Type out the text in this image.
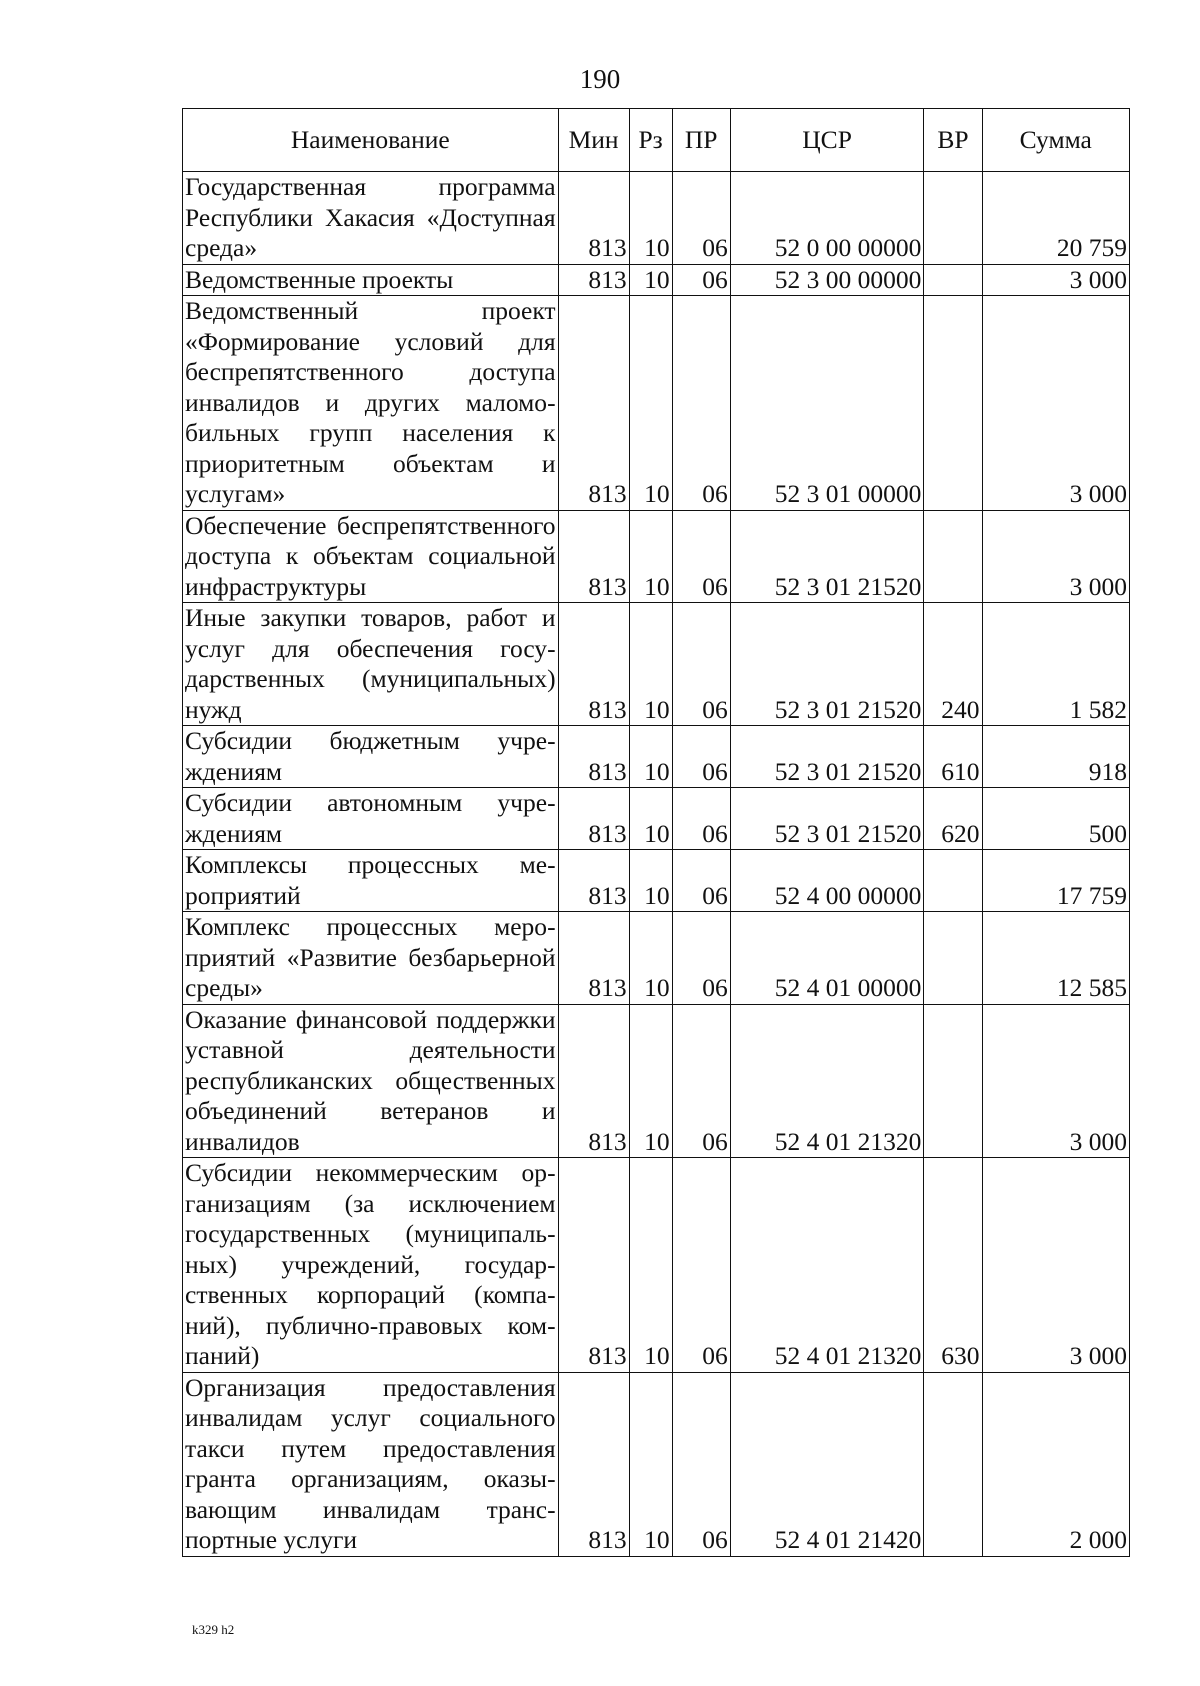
190
Наименование	Мин	Рз	ПР	ЦСР	ВР	Сумма
Государственная программа Республики Хакасия «Доступная среда»	813	10	06	52 0 00 00000		20 759
Ведомственные проекты	813	10	06	52 3 00 00000		3 000
Ведомственный проект «Формирование условий для беспрепятственного доступа инвалидов и других маломобильных групп населения к приоритетным объектам и услугам»	813	10	06	52 3 01 00000		3 000
Обеспечение беспрепятственного доступа к объектам социальной инфраструктуры	813	10	06	52 3 01 21520		3 000
Иные закупки товаров, работ и услуг для обеспечения государственных (муниципальных) нужд	813	10	06	52 3 01 21520	240	1 582
Субсидии бюджетным учреждениям	813	10	06	52 3 01 21520	610	918
Субсидии автономным учреждениям	813	10	06	52 3 01 21520	620	500
Комплексы процессных мероприятий	813	10	06	52 4 00 00000		17 759
Комплекс процессных мероприятий «Развитие безбарьерной среды»	813	10	06	52 4 01 00000		12 585
Оказание финансовой поддержки уставной деятельности республиканских общественных объединений ветеранов и инвалидов	813	10	06	52 4 01 21320		3 000
Субсидии некоммерческим организациям (за исключением государственных (муниципальных) учреждений, государственных корпораций (компаний), публично-правовых компаний)	813	10	06	52 4 01 21320	630	3 000
Организация предоставления инвалидам услуг социального такси путем предоставления гранта организациям, оказывающим инвалидам транспортные услуги	813	10	06	52 4 01 21420		2 000
k329 h2
